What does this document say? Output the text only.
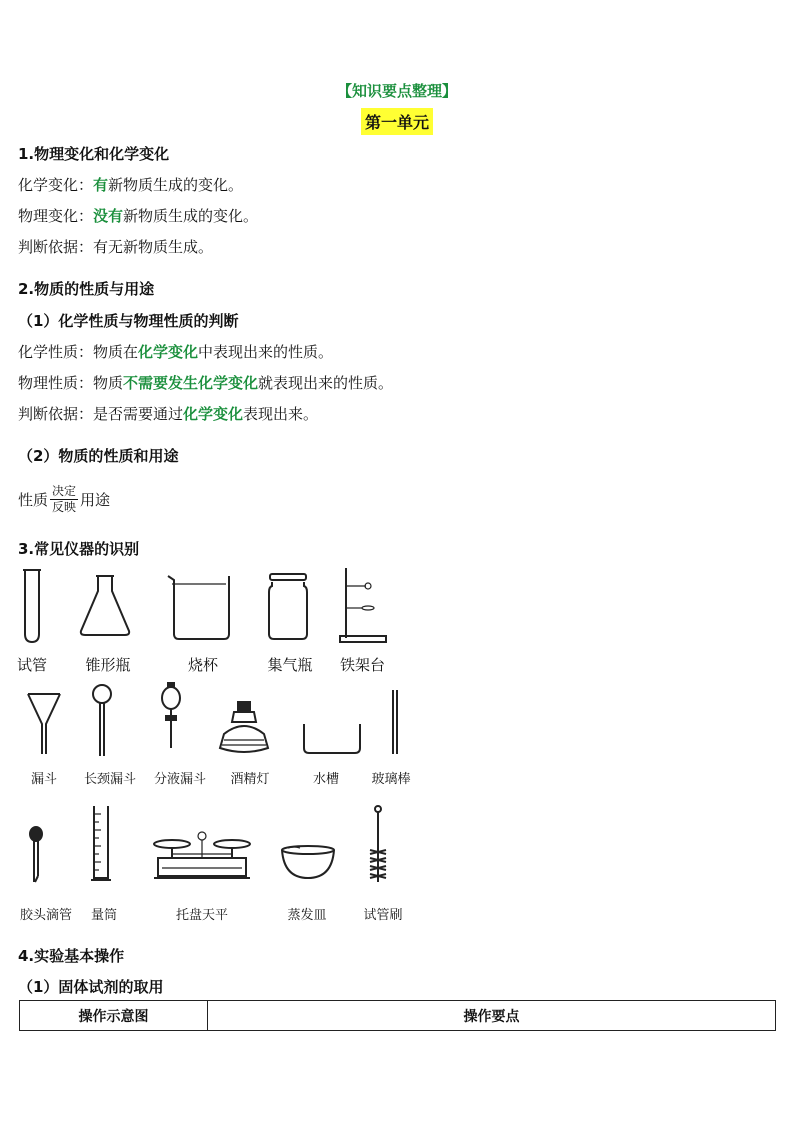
【知识要点整理】
第一单元
1.物理变化和化学变化
化学变化：有新物质生成的变化。
物理变化：没有新物质生成的变化。
判断依据：有无新物质生成。
2.物质的性质与用途
（1）化学性质与物理性质的判断
化学性质：物质在化学变化中表现出来的性质。
物理性质：物质不需要发生化学变化就表现出来的性质。
判断依据：是否需要通过化学变化表现出来。
（2）物质的性质和用途
性质 决定
反映 用途
3.常见仪器的识别
试管	锥形瓶	烧杯	集气瓶	铁架台
漏斗	长颈漏斗	分液漏斗	酒精灯	水槽	玻璃棒
胶头滴管	量筒	托盘天平	蒸发皿	试管刷
4.实验基本操作
（1）固体试剂的取用
操作示意图	操作要点
